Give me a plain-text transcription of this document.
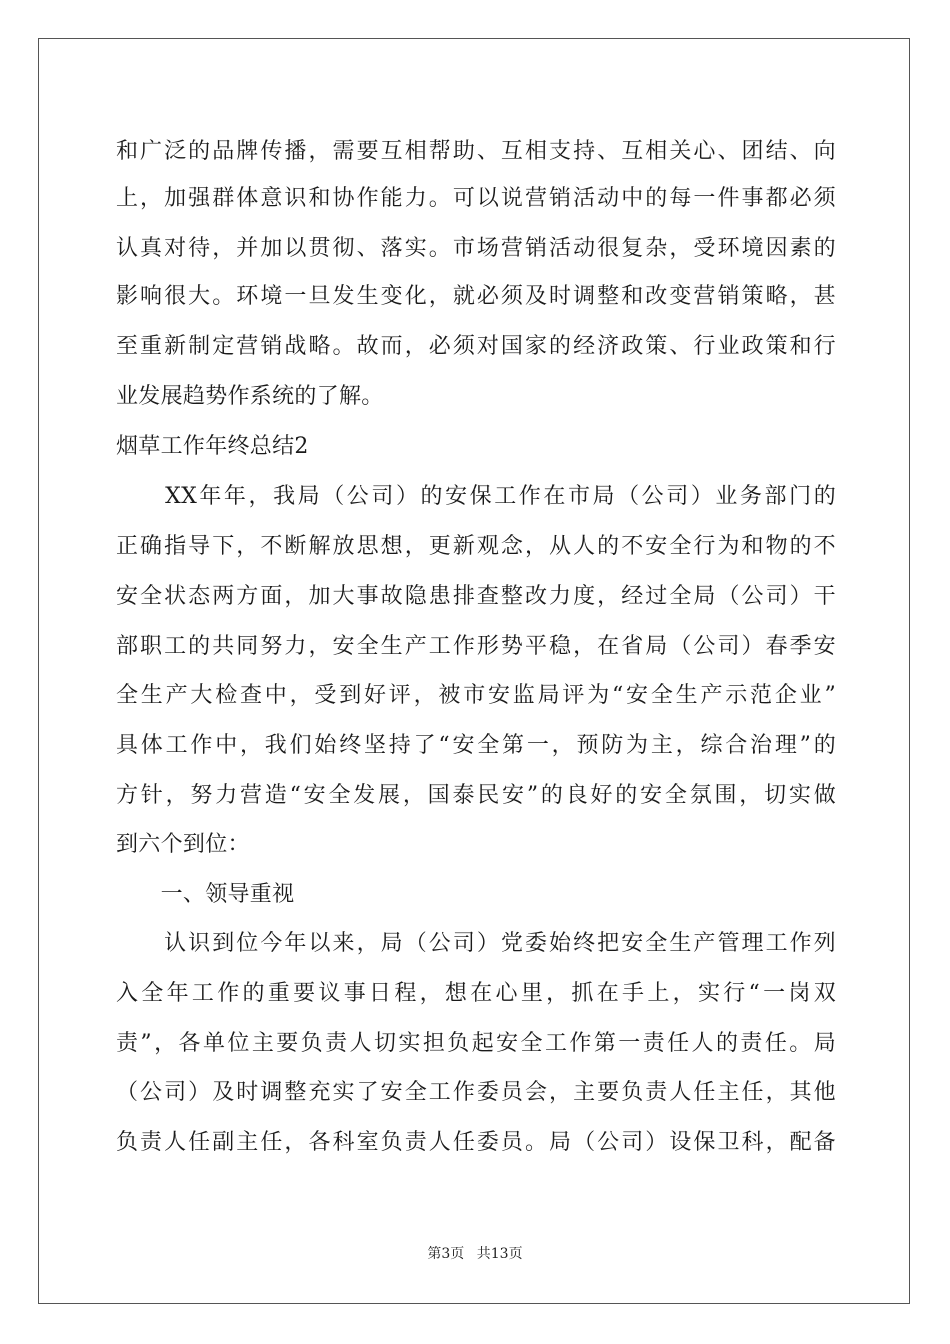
和广泛的品牌传播，需要互相帮助、互相支持、互相关心、团结、向
上，加强群体意识和协作能力。可以说营销活动中的每一件事都必须
认真对待，并加以贯彻、落实。市场营销活动很复杂，受环境因素的
影响很大。环境一旦发生变化，就必须及时调整和改变营销策略，甚
至重新制定营销战略。故而，必须对国家的经济政策、行业政策和行
业发展趋势作系统的了解。
烟草工作年终总结2
　　XX年年，我局（公司）的安保工作在市局（公司）业务部门的
正确指导下，不断解放思想，更新观念，从人的不安全行为和物的不
安全状态两方面，加大事故隐患排查整改力度，经过全局（公司）干
部职工的共同努力，安全生产工作形势平稳，在省局（公司）春季安
全生产大检查中，受到好评，被市安监局评为“安全生产示范企业”
具体工作中，我们始终坚持了“安全第一，预防为主，综合治理”的
方针，努力营造“安全发展，国泰民安”的良好的安全氛围，切实做
到六个到位：
　　一、领导重视
　　认识到位今年以来，局（公司）党委始终把安全生产管理工作列
入全年工作的重要议事日程，想在心里，抓在手上，实行“一岗双
责”，各单位主要负责人切实担负起安全工作第一责任人的责任。局
（公司）及时调整充实了安全工作委员会，主要负责人任主任，其他
负责人任副主任，各科室负责人任委员。局（公司）设保卫科，配备
第3页 共13页
